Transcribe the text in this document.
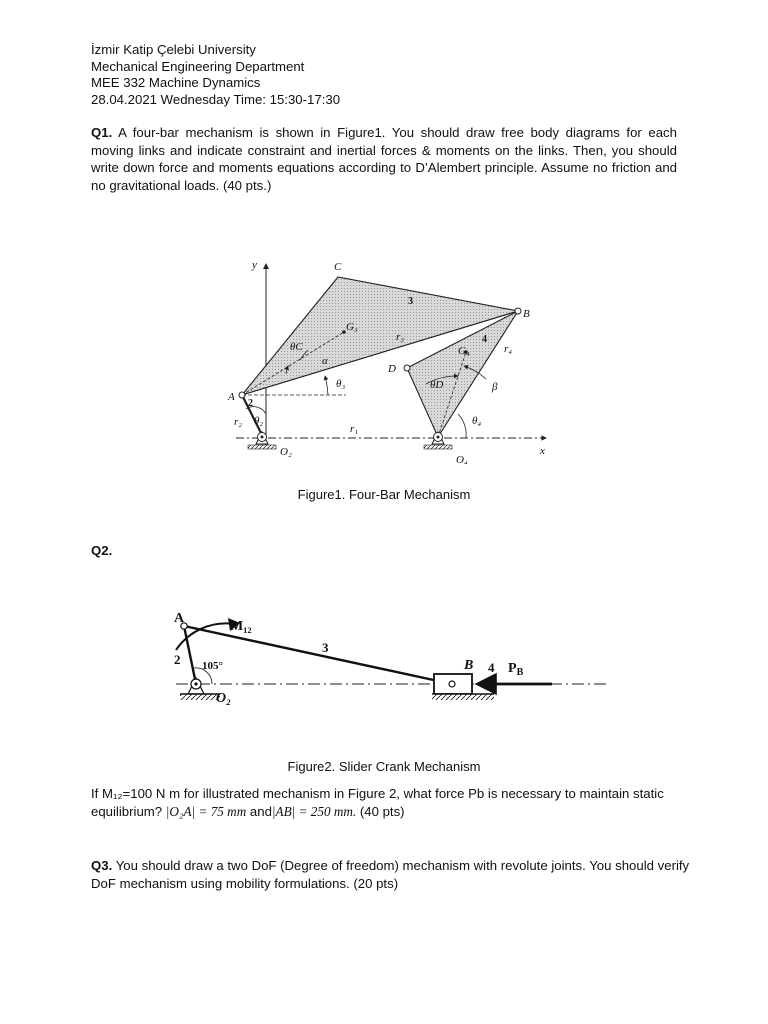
İzmir Katip Çelebi University
Mechanical Engineering Department
MEE 332 Machine Dynamics
28.04.2021 Wednesday Time: 15:30-17:30
Q1. A four-bar mechanism is shown in Figure1. You should draw free body diagrams for each moving links and indicate constraint and inertial forces & moments on the links. Then, you should write down force and moments equations according to D’Alembert principle. Assume no friction and no gravitational loads. (40 pts.)
y
x
C
B
A
D
G₃
G₄
r₂
r₃
r₄
r₁
θC
α
θ₃
θ₂
θD	β
θ₄
O₂
O₄
2
3
4
Figure1. Four-Bar Mechanism
Q2.
A
M₁₂
3
B 4 $P_B$
2 105°
O₂
Figure2. Slider Crank Mechanism
If M₁₂=100 N m for illustrated mechanism in Figure 2, what force Pb is necessary to maintain static equilibrium? |O₂A| = 75 mm and|AB| = 250 mm. (40 pts)
Q3. You should draw a two DoF (Degree of freedom) mechanism with revolute joints. You should verify DoF mechanism using mobility formulations. (20 pts)
